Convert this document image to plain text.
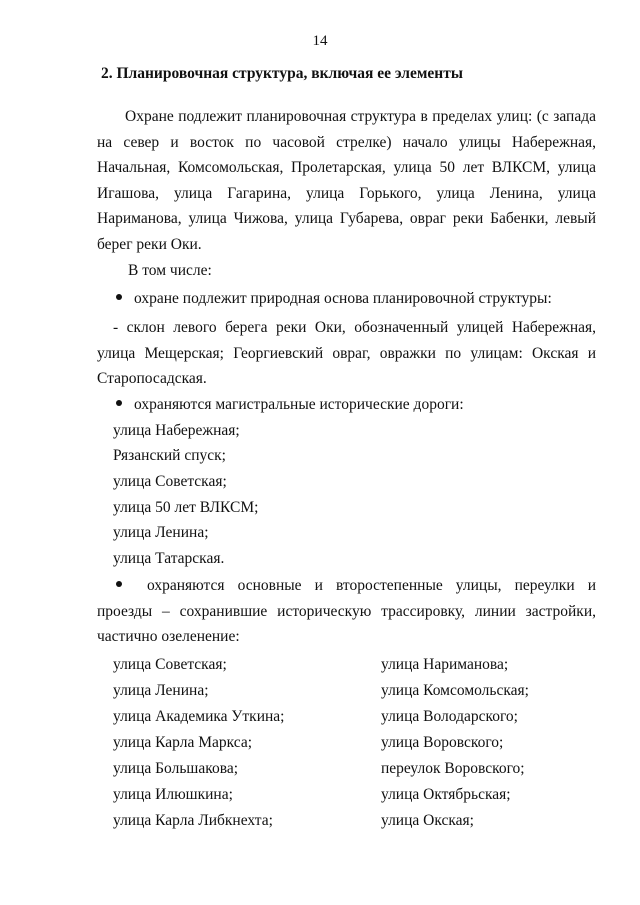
14
2. Планировочная структура, включая ее элементы

Охране подлежит планировочная структура в пределах улиц: (с запада на север и восток по часовой стрелке) начало улицы Набережная, Начальная, Комсомольская, Пролетарская, улица 50 лет ВЛКСМ, улица Игашова, улица Гагарина, улица Горького, улица Ленина, улица Нариманова, улица Чижова, улица Губарева, овраг реки Бабенки, левый берег реки Оки.

В том числе:
охране подлежит природная основа планировочной структуры:

- склон левого берега реки Оки, обозначенный улицей Набережная, улица Мещерская; Георгиевский овраг, овражки по улицам: Окская и Старопосадская.

охраняются магистральные исторические дороги:
улица Набережная;
Рязанский спуск;
улица Советская;
улица 50 лет ВЛКСМ;
улица Ленина;
улица Татарская.

охраняются основные и второстепенные улицы, переулки и проезды – сохранившие историческую трассировку, линии застройки, частично озеленение:

улица Советская;
улица Ленина;
улица Академика Уткина;
улица Карла Маркса;
улица Большакова;
улица Илюшкина;
улица Карла Либкнехта;
улица Нариманова;
улица Комсомольская;
улица Володарского;
улица Воровского;
переулок Воровского;
улица Октябрьская;
улица Окская;
